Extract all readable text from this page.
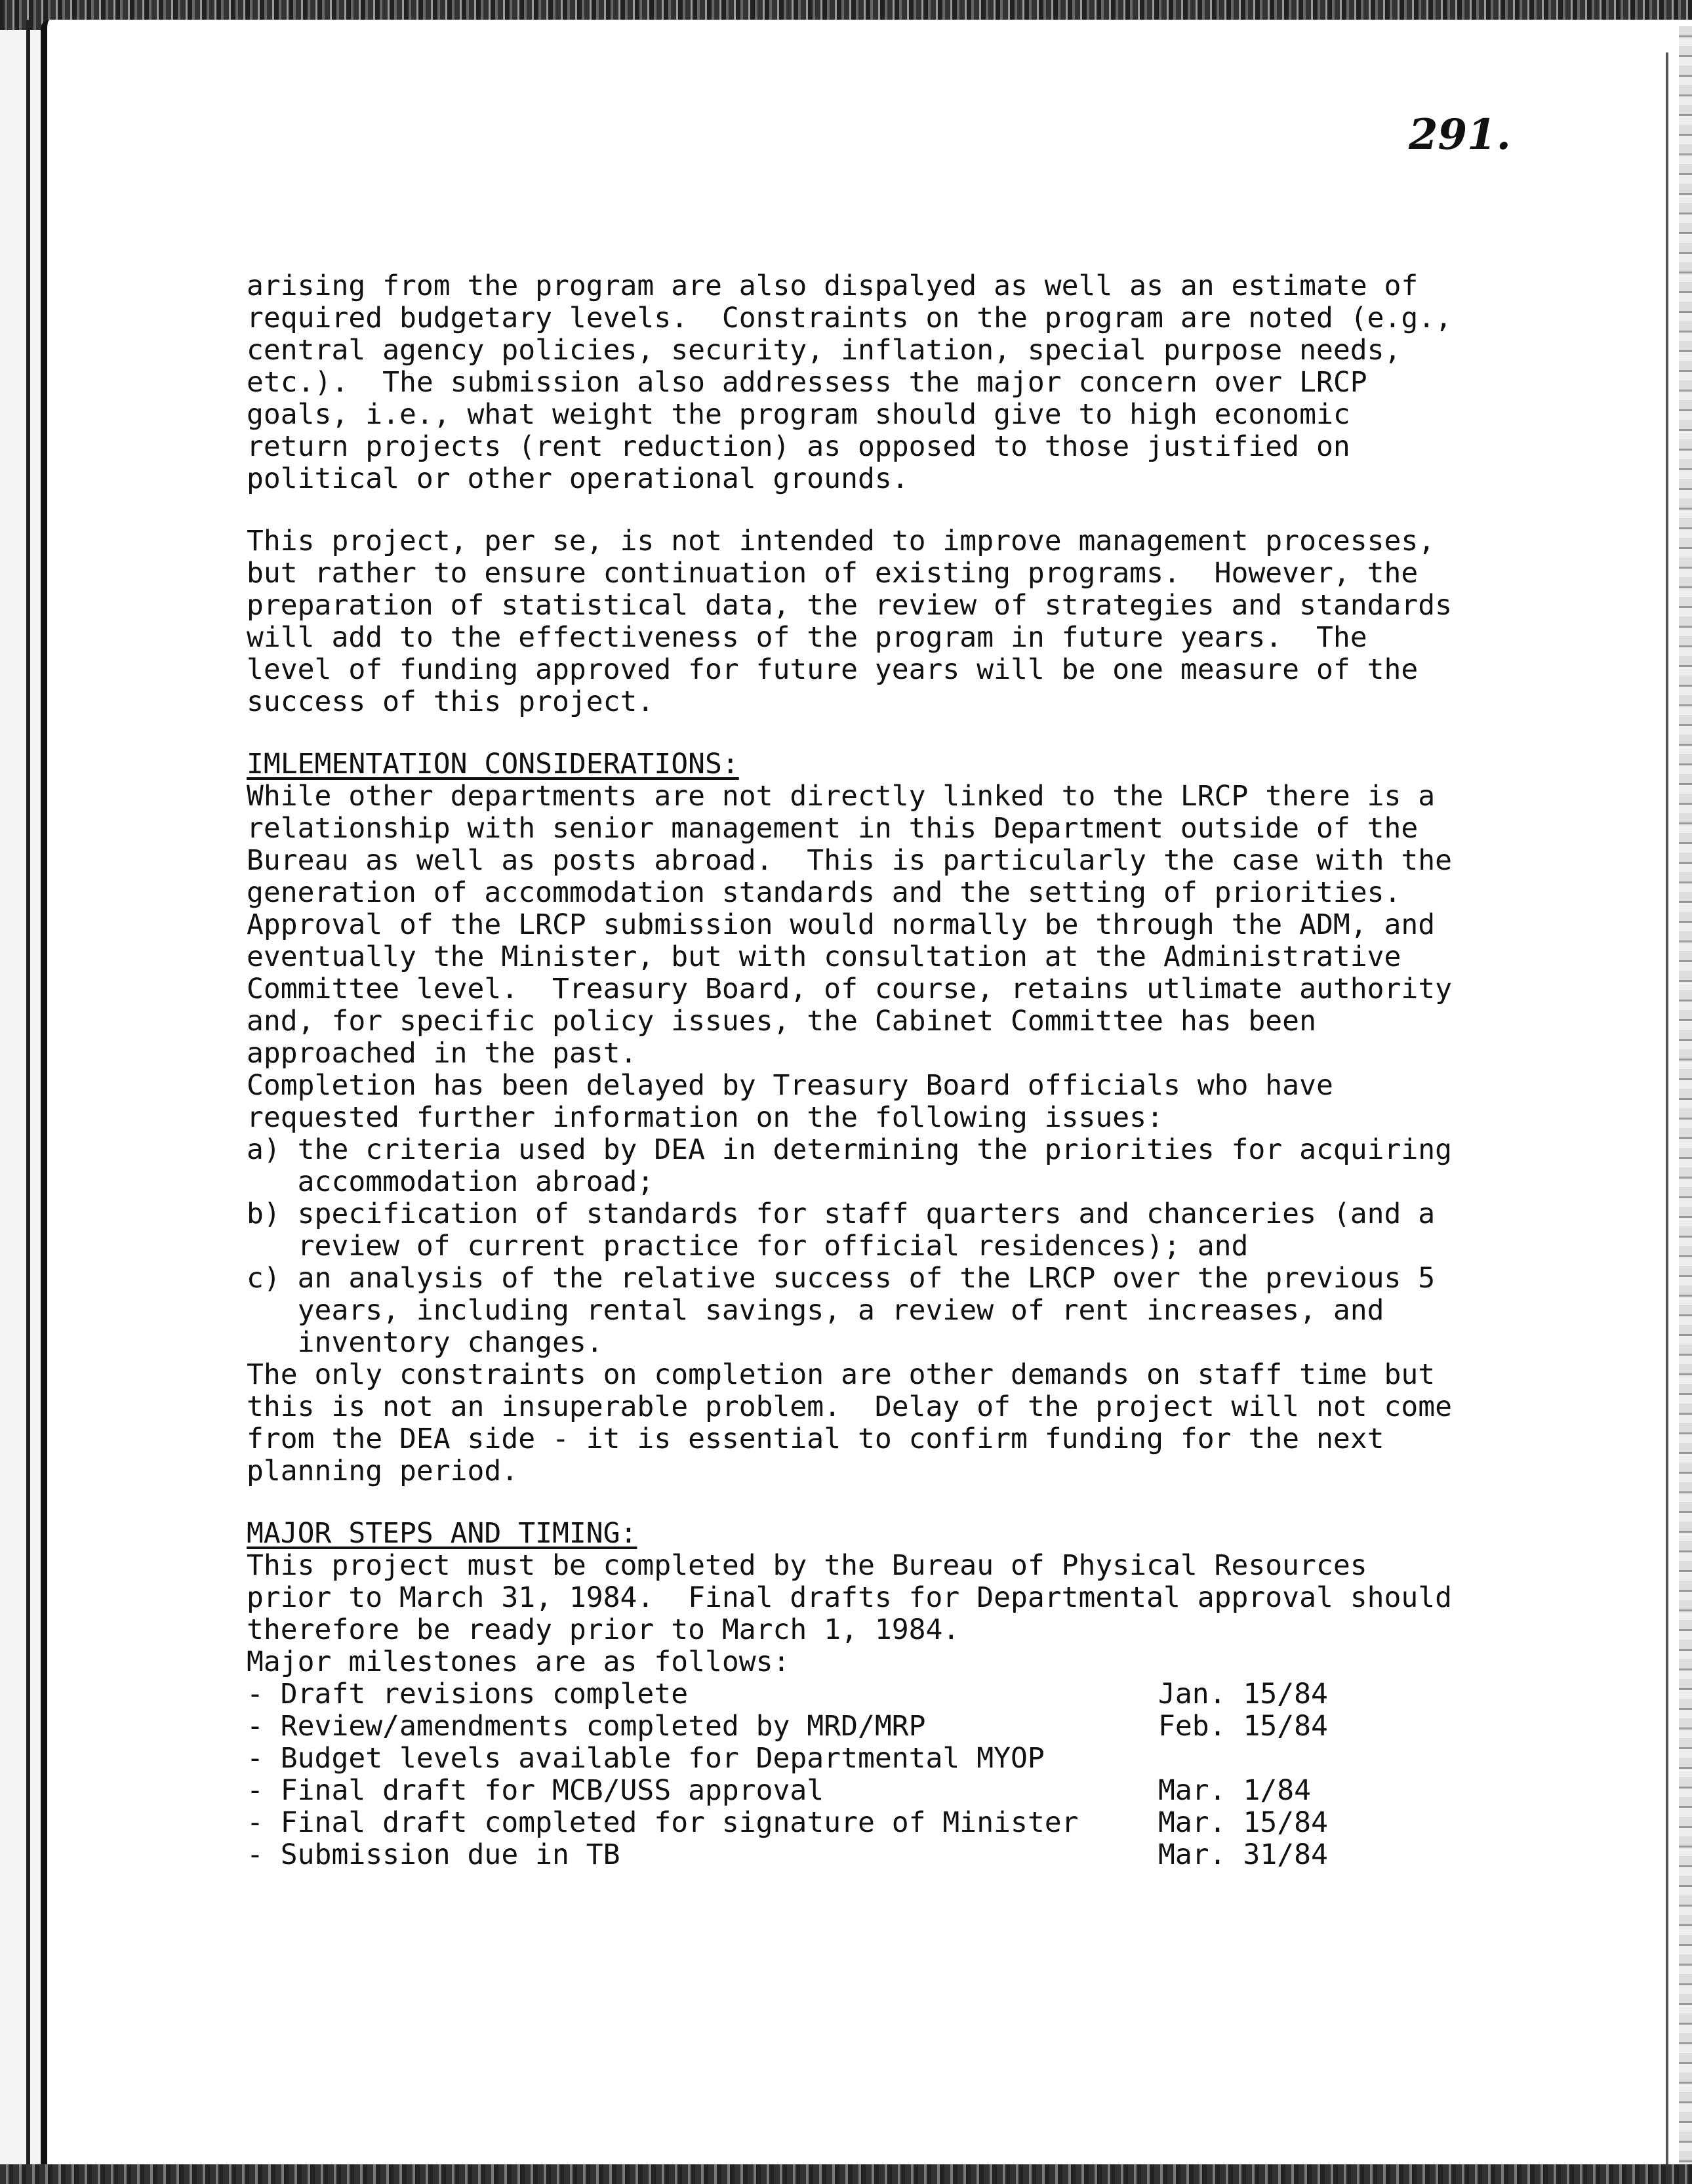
291.

arising from the program are also dispalyed as well as an estimate of

required budgetary levels.  Constraints on the program are noted (e.g.,

central agency policies, security, inflation, special purpose needs,

etc.).  The submission also addressess the major concern over LRCP

goals, i.e., what weight the program should give to high economic

return projects (rent reduction) as opposed to those justified on

political or other operational grounds.

This project, per se, is not intended to improve management processes,

but rather to ensure continuation of existing programs.  However, the

preparation of statistical data, the review of strategies and standards

will add to the effectiveness of the program in future years.  The

level of funding approved for future years will be one measure of the

success of this project.

IMLEMENTATION CONSIDERATIONS:

While other departments are not directly linked to the LRCP there is a

relationship with senior management in this Department outside of the

Bureau as well as posts abroad.  This is particularly the case with the

generation of accommodation standards and the setting of priorities.

Approval of the LRCP submission would normally be through the ADM, and

eventually the Minister, but with consultation at the Administrative

Committee level.  Treasury Board, of course, retains utlimate authority

and, for specific policy issues, the Cabinet Committee has been

approached in the past.

Completion has been delayed by Treasury Board officials who have

requested further information on the following issues:

a) the criteria used by DEA in determining the priorities for acquiring

accommodation abroad;

b) specification of standards for staff quarters and chanceries (and a

review of current practice for official residences); and

c) an analysis of the relative success of the LRCP over the previous 5

years, including rental savings, a review of rent increases, and

inventory changes.

The only constraints on completion are other demands on staff time but

this is not an insuperable problem.  Delay of the project will not come

from the DEA side - it is essential to confirm funding for the next

planning period.

MAJOR STEPS AND TIMING:

This project must be completed by the Bureau of Physical Resources

prior to March 31, 1984.  Final drafts for Departmental approval should

therefore be ready prior to March 1, 1984.

Major milestones are as follows:

- Draft revisions complete	Jan. 15/84
- Review/amendments completed by MRD/MRP	Feb. 15/84
- Budget levels available for Departmental MYOP
- Final draft for MCB/USS approval	Mar. 1/84
- Final draft completed for signature of Minister	Mar. 15/84
- Submission due in TB	Mar. 31/84
